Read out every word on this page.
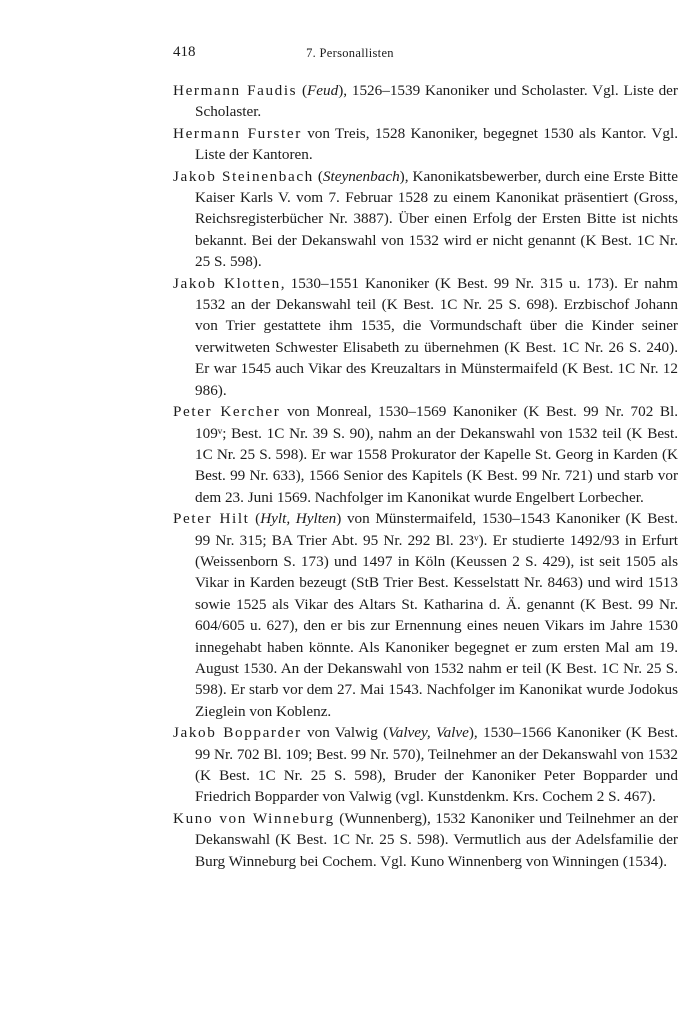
418	7. Personallisten

Hermann Faudis (Feud), 1526–1539 Kanoniker und Scholaster. Vgl. Liste der Scholaster.

Hermann Furster von Treis, 1528 Kanoniker, begegnet 1530 als Kantor. Vgl. Liste der Kantoren.

Jakob Steinenbach (Steynenbach), Kanonikatsbewerber, durch eine Erste Bitte Kaiser Karls V. vom 7. Februar 1528 zu einem Kanonikat präsentiert (Gross, Reichsregisterbücher Nr. 3887). Über einen Erfolg der Ersten Bitte ist nichts bekannt. Bei der Dekanswahl von 1532 wird er nicht genannt (K Best. 1C Nr. 25 S. 598).

Jakob Klotten, 1530–1551 Kanoniker (K Best. 99 Nr. 315 u. 173). Er nahm 1532 an der Dekanswahl teil (K Best. 1C Nr. 25 S. 698). Erzbischof Johann von Trier gestattete ihm 1535, die Vormundschaft über die Kinder seiner verwitweten Schwester Elisabeth zu übernehmen (K Best. 1C Nr. 26 S. 240). Er war 1545 auch Vikar des Kreuzaltars in Münstermaifeld (K Best. 1C Nr. 12 986).

Peter Kercher von Monreal, 1530–1569 Kanoniker (K Best. 99 Nr. 702 Bl. 109ᵛ; Best. 1C Nr. 39 S. 90), nahm an der Dekanswahl von 1532 teil (K Best. 1C Nr. 25 S. 598). Er war 1558 Prokurator der Kapelle St. Georg in Karden (K Best. 99 Nr. 633), 1566 Senior des Kapitels (K Best. 99 Nr. 721) und starb vor dem 23. Juni 1569. Nachfolger im Kanonikat wurde Engelbert Lorbecher.

Peter Hilt (Hylt, Hylten) von Münstermaifeld, 1530–1543 Kanoniker (K Best. 99 Nr. 315; BA Trier Abt. 95 Nr. 292 Bl. 23ᵛ). Er studierte 1492/93 in Erfurt (Weissenborn S. 173) und 1497 in Köln (Keussen 2 S. 429), ist seit 1505 als Vikar in Karden bezeugt (StB Trier Best. Kesselstatt Nr. 8463) und wird 1513 sowie 1525 als Vikar des Altars St. Katharina d. Ä. genannt (K Best. 99 Nr. 604/605 u. 627), den er bis zur Ernennung eines neuen Vikars im Jahre 1530 innegehabt haben könnte. Als Kanoniker begegnet er zum ersten Mal am 19. August 1530. An der Dekanswahl von 1532 nahm er teil (K Best. 1C Nr. 25 S. 598). Er starb vor dem 27. Mai 1543. Nachfolger im Kanonikat wurde Jodokus Zieglein von Koblenz.

Jakob Bopparder von Valwig (Valvey, Valve), 1530–1566 Kanoniker (K Best. 99 Nr. 702 Bl. 109; Best. 99 Nr. 570), Teilnehmer an der Dekanswahl von 1532 (K Best. 1C Nr. 25 S. 598), Bruder der Kanoniker Peter Bopparder und Friedrich Bopparder von Valwig (vgl. Kunstdenkm. Krs. Cochem 2 S. 467).

Kuno von Winneburg (Wunnenberg), 1532 Kanoniker und Teilnehmer an der Dekanswahl (K Best. 1C Nr. 25 S. 598). Vermutlich aus der Adelsfamilie der Burg Winneburg bei Cochem. Vgl. Kuno Winnenberg von Winningen (1534).
